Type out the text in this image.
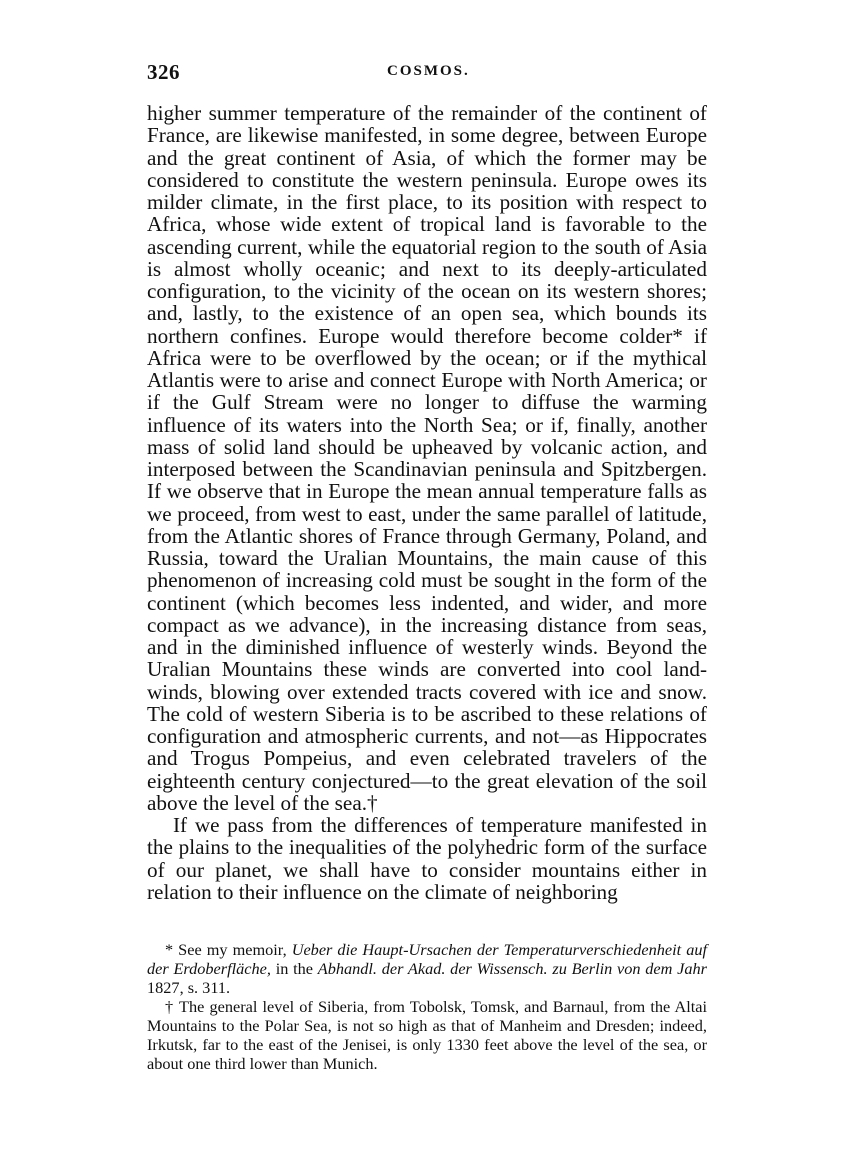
326	COSMOS.

higher summer temperature of the remainder of the continent of France, are likewise manifested, in some degree, between Europe and the great continent of Asia, of which the former may be considered to constitute the western peninsula. Europe owes its milder climate, in the first place, to its position with respect to Africa, whose wide extent of tropical land is favorable to the ascending current, while the equatorial region to the south of Asia is almost wholly oceanic; and next to its deeply-articulated configuration, to the vicinity of the ocean on its western shores; and, lastly, to the existence of an open sea, which bounds its northern confines. Europe would therefore become colder* if Africa were to be overflowed by the ocean; or if the mythical Atlantis were to arise and connect Europe with North America; or if the Gulf Stream were no longer to diffuse the warming influence of its waters into the North Sea; or if, finally, another mass of solid land should be upheaved by volcanic action, and interposed between the Scandinavian peninsula and Spitzbergen. If we observe that in Europe the mean annual temperature falls as we proceed, from west to east, under the same parallel of latitude, from the Atlantic shores of France through Germany, Poland, and Russia, toward the Uralian Mountains, the main cause of this phenomenon of increasing cold must be sought in the form of the continent (which becomes less indented, and wider, and more compact as we advance), in the increasing distance from seas, and in the diminished influence of westerly winds. Beyond the Uralian Mountains these winds are converted into cool land-winds, blowing over extended tracts covered with ice and snow. The cold of western Siberia is to be ascribed to these relations of configuration and atmospheric currents, and not—as Hippocrates and Trogus Pompeius, and even celebrated travelers of the eighteenth century conjectured—to the great elevation of the soil above the level of the sea.†

If we pass from the differences of temperature manifested in the plains to the inequalities of the polyhedric form of the surface of our planet, we shall have to consider mountains either in relation to their influence on the climate of neighboring

* See my memoir, Ueber die Haupt-Ursachen der Temperaturverschiedenheit auf der Erdoberfläche, in the Abhandl. der Akad. der Wissensch. zu Berlin von dem Jahr 1827, s. 311.

† The general level of Siberia, from Tobolsk, Tomsk, and Barnaul, from the Altai Mountains to the Polar Sea, is not so high as that of Manheim and Dresden; indeed, Irkutsk, far to the east of the Jenisei, is only 1330 feet above the level of the sea, or about one third lower than Munich.
